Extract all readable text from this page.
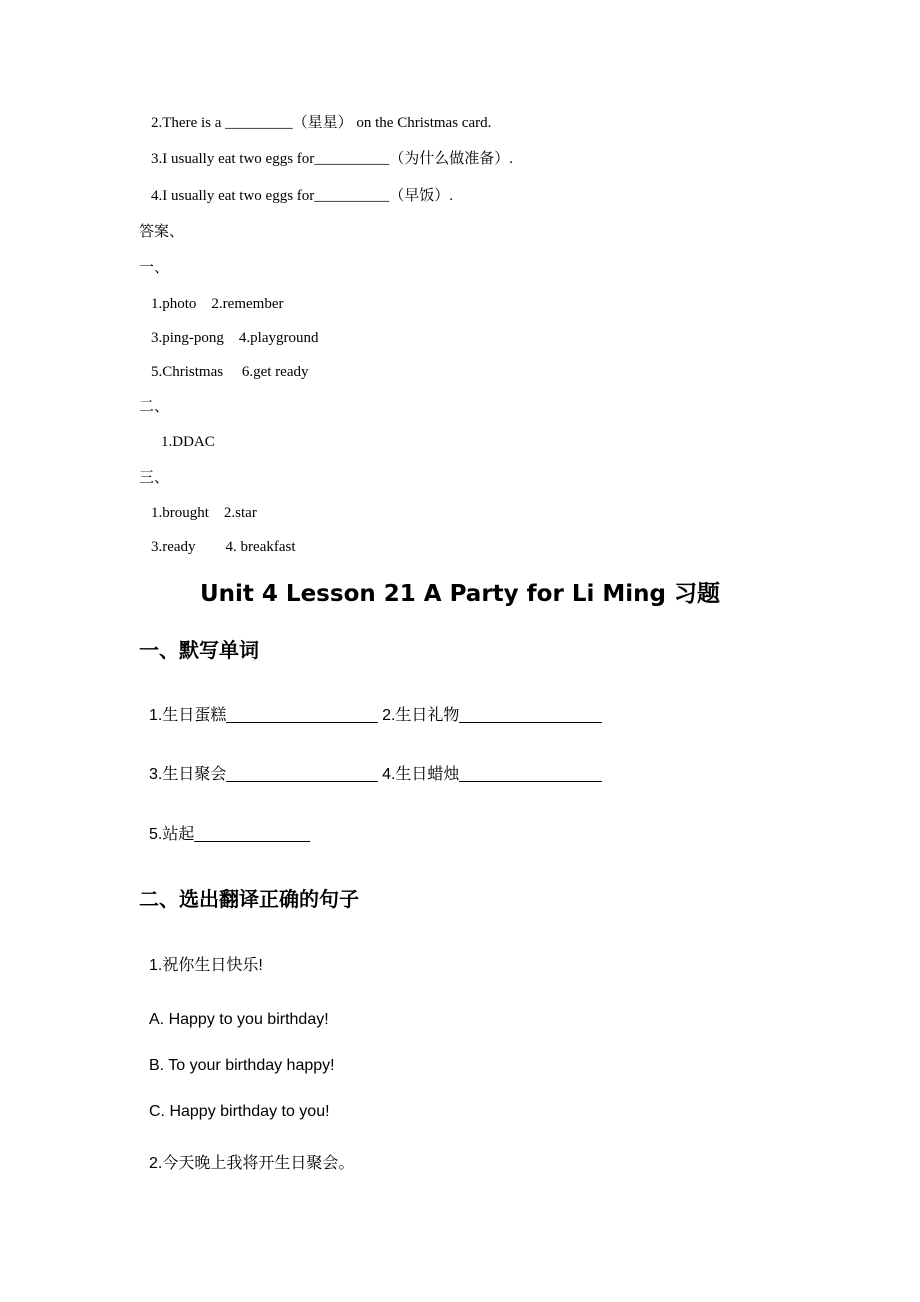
2.There is a _________（星星） on the Christmas card.
3.I usually eat two eggs for__________（为什么做准备）.
4.I usually eat two eggs for__________（早饭）.
答案、
一、
1.photo    2.remember
3.ping-pong    4.playground
5.Christmas     6.get ready
二、
1.DDAC
三、
1.brought    2.star
3.ready        4. breakfast
Unit 4 Lesson 21 A Party for Li Ming 习题
一、默写单词
1.生日蛋糕_________________ 2.生日礼物________________
3.生日聚会_________________ 4.生日蜡烛________________
5.站起_____________
二、选出翻译正确的句子
1.祝你生日快乐!
A. Happy to you birthday!
B. To your birthday happy!
C. Happy birthday to you!
2.今天晚上我将开生日聚会。
